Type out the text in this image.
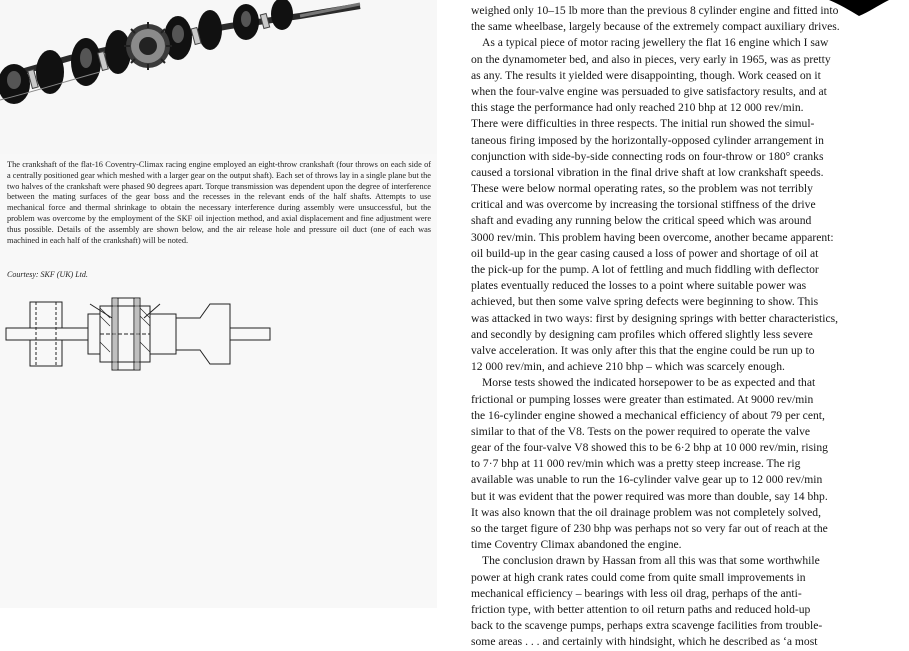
The crankshaft of the flat-16 Coventry-Climax racing engine employed an eight-throw crankshaft (four throws on each side of a centrally positioned gear which meshed with a larger gear on the output shaft). Each set of throws lay in a single plane but the two halves of the crankshaft were phased 90 degrees apart. Torque transmission was dependent upon the degree of interference between the mating surfaces of the gear boss and the recesses in the relevant ends of the half shafts. Attempts to use mechanical force and thermal shrinkage to obtain the necessary interference during assembly were unsuccessful, but the problem was overcome by the employment of the SKF oil injection method, and axial displacement and fine adjustment were thus possible. Details of the assembly are shown below, and the air release hole and pressure oil duct (one of each was machined in each half of the crankshaft) will be noted.

Courtesy: SKF (UK) Ltd.
weighed only 10–15 lb more than the previous 8 cylinder engine and fitted into
the same wheelbase, largely because of the extremely compact auxiliary drives.
As a typical piece of motor racing jewellery the flat 16 engine which I saw
on the dynamometer bed, and also in pieces, very early in 1965, was as pretty
as any. The results it yielded were disappointing, though. Work ceased on it
when the four-valve engine was persuaded to give satisfactory results, and at
this stage the performance had only reached 210 bhp at 12 000 rev/min.
There were difficulties in three respects. The initial run showed the simul-
taneous firing imposed by the horizontally-opposed cylinder arrangement in
conjunction with side-by-side connecting rods on four-throw or 180° cranks
caused a torsional vibration in the final drive shaft at low crankshaft speeds.
These were below normal operating rates, so the problem was not terribly
critical and was overcome by increasing the torsional stiffness of the drive
shaft and evading any running below the critical speed which was around
3000 rev/min. This problem having been overcome, another became apparent:
oil build-up in the gear casing caused a loss of power and shortage of oil at
the pick-up for the pump. A lot of fettling and much fiddling with deflector
plates eventually reduced the losses to a point where suitable power was
achieved, but then some valve spring defects were beginning to show. This
was attacked in two ways: first by designing springs with better characteristics,
and secondly by designing cam profiles which offered slightly less severe
valve acceleration. It was only after this that the engine could be run up to
12 000 rev/min, and achieve 210 bhp – which was scarcely enough.
Morse tests showed the indicated horsepower to be as expected and that
frictional or pumping losses were greater than estimated. At 9000 rev/min
the 16-cylinder engine showed a mechanical efficiency of about 79 per cent,
similar to that of the V8. Tests on the power required to operate the valve
gear of the four-valve V8 showed this to be 6·2 bhp at 10 000 rev/min, rising
to 7·7 bhp at 11 000 rev/min which was a pretty steep increase. The rig
available was unable to run the 16-cylinder valve gear up to 12 000 rev/min
but it was evident that the power required was more than double, say 14 bhp.
It was also known that the oil drainage problem was not completely solved,
so the target figure of 230 bhp was perhaps not so very far out of reach at the
time Coventry Climax abandoned the engine.
The conclusion drawn by Hassan from all this was that some worthwhile
power at high crank rates could come from quite small improvements in
mechanical efficiency – bearings with less oil drag, perhaps of the anti-
friction type, with better attention to oil return paths and reduced hold-up
back to the scavenge pumps, perhaps extra scavenge facilities from trouble-
some areas . . . and certainly with hindsight, which he described as ‘a most
